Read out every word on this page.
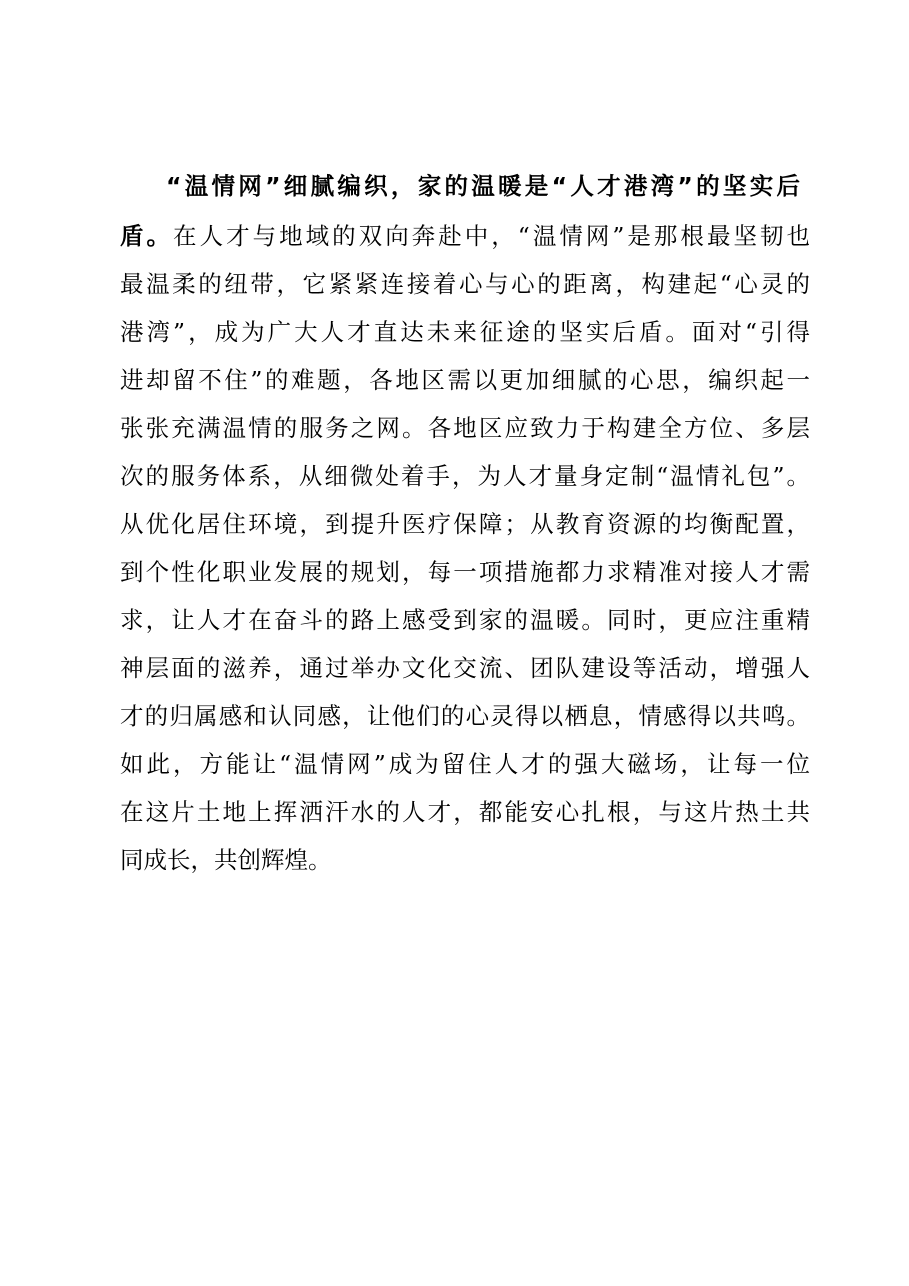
“温情网”细腻编织，家的温暖是“人才港湾”的坚实后
盾。在人才与地域的双向奔赴中，“温情网”是那根最坚韧也
最温柔的纽带，它紧紧连接着心与心的距离，构建起“心灵的
港湾”，成为广大人才直达未来征途的坚实后盾。面对“引得
进却留不住”的难题，各地区需以更加细腻的心思，编织起一
张张充满温情的服务之网。各地区应致力于构建全方位、多层
次的服务体系，从细微处着手，为人才量身定制“温情礼包”。
从优化居住环境，到提升医疗保障；从教育资源的均衡配置，
到个性化职业发展的规划，每一项措施都力求精准对接人才需
求，让人才在奋斗的路上感受到家的温暖。同时，更应注重精
神层面的滋养，通过举办文化交流、团队建设等活动，增强人
才的归属感和认同感，让他们的心灵得以栖息，情感得以共鸣。
如此，方能让“温情网”成为留住人才的强大磁场，让每一位
在这片土地上挥洒汗水的人才，都能安心扎根，与这片热土共
同成长，共创辉煌。
